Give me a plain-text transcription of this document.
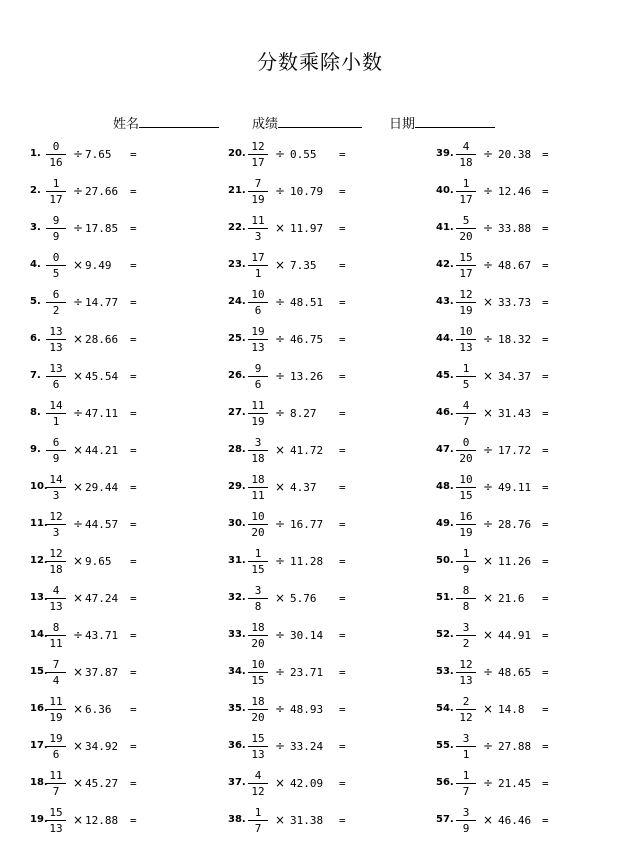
分数乘除小数
姓名	成绩	日期
1. $\frac{0}{16} \div 7.65$ =
2. $\frac{1}{17} \div 27.66$ =
3. $\frac{9}{9} \div 17.85$ =
4. $\frac{0}{5} \times 9.49$ =
5. $\frac{6}{2} \div 14.77$ =
6. $\frac{13}{13} \times 28.66$ =
7. $\frac{13}{6} \times 45.54$ =
8. $\frac{14}{1} \div 47.11$ =
9. $\frac{6}{9} \times 44.21$ =
10.
$\frac{14}{3} \times 29.44$ =
11.
$\frac{12}{3} \div 44.57$ =
12.
$\frac{12}{18} \times 9.65$ =
13.
$\frac{4}{13} \times 47.24$ =
14.
$\frac{8}{11} \div 43.71$ =
15.
$\frac{7}{4} \times 37.87$ =
16.
$\frac{11}{19} \times 6.36$ =
17.
$\frac{19}{6} \times 34.92$ =
18.
$\frac{11}{7} \times 45.27$ =
19.
$\frac{15}{13} \times 12.88$ =
20. $\frac{12}{17} \div 0.55$ =
21. $\frac{7}{19} \div 10.79$ =
22. $\frac{11}{3} \times 11.97$ =
23. $\frac{17}{1} \times 7.35$ =
24. $\frac{10}{6} \div 48.51$ =
25. $\frac{19}{13} \div 46.75$ =
26. $\frac{9}{6} \div 13.26$ =
27. $\frac{11}{19} \div 8.27$ =
28. $\frac{3}{18} \times 41.72$ =
29. $\frac{18}{11} \times 4.37$ =
30. $\frac{10}{20} \div 16.77$ =
31. $\frac{1}{15} \div 11.28$ =
32. $\frac{3}{8} \times 5.76$ =
33. $\frac{18}{20} \div 30.14$ =
34. $\frac{10}{15} \div 23.71$ =
35. $\frac{18}{20} \div 48.93$ =
36. $\frac{15}{13} \div 33.24$ =
37. $\frac{4}{12} \times 42.09$ =
38. $\frac{1}{7} \times 31.38$ =
39. $\frac{4}{18} \div 20.38$ =
40. $\frac{1}{17} \div 12.46$ =
41. $\frac{5}{20} \div 33.88$ =
42. $\frac{15}{17} \div 48.67$ =
43. $\frac{12}{19} \times 33.73$ =
44. $\frac{10}{13} \div 18.32$ =
45. $\frac{1}{5} \times 34.37$ =
46. $\frac{4}{7} \times 31.43$ =
47. $\frac{0}{20} \div 17.72$ =
48. $\frac{10}{15} \div 49.11$ =
49. $\frac{16}{19} \div 28.76$ =
50. $\frac{1}{9} \times 11.26$ =
51. $\frac{8}{8} \times 21.6$ =
52. $\frac{3}{2} \times 44.91$ =
53. $\frac{12}{13} \div 48.65$ =
54. $\frac{2}{12} \times 14.8$ =
55. $\frac{3}{1} \div 27.88$ =
56. $\frac{1}{7} \div 21.45$ =
57. $\frac{3}{9} \times 46.46$ =
